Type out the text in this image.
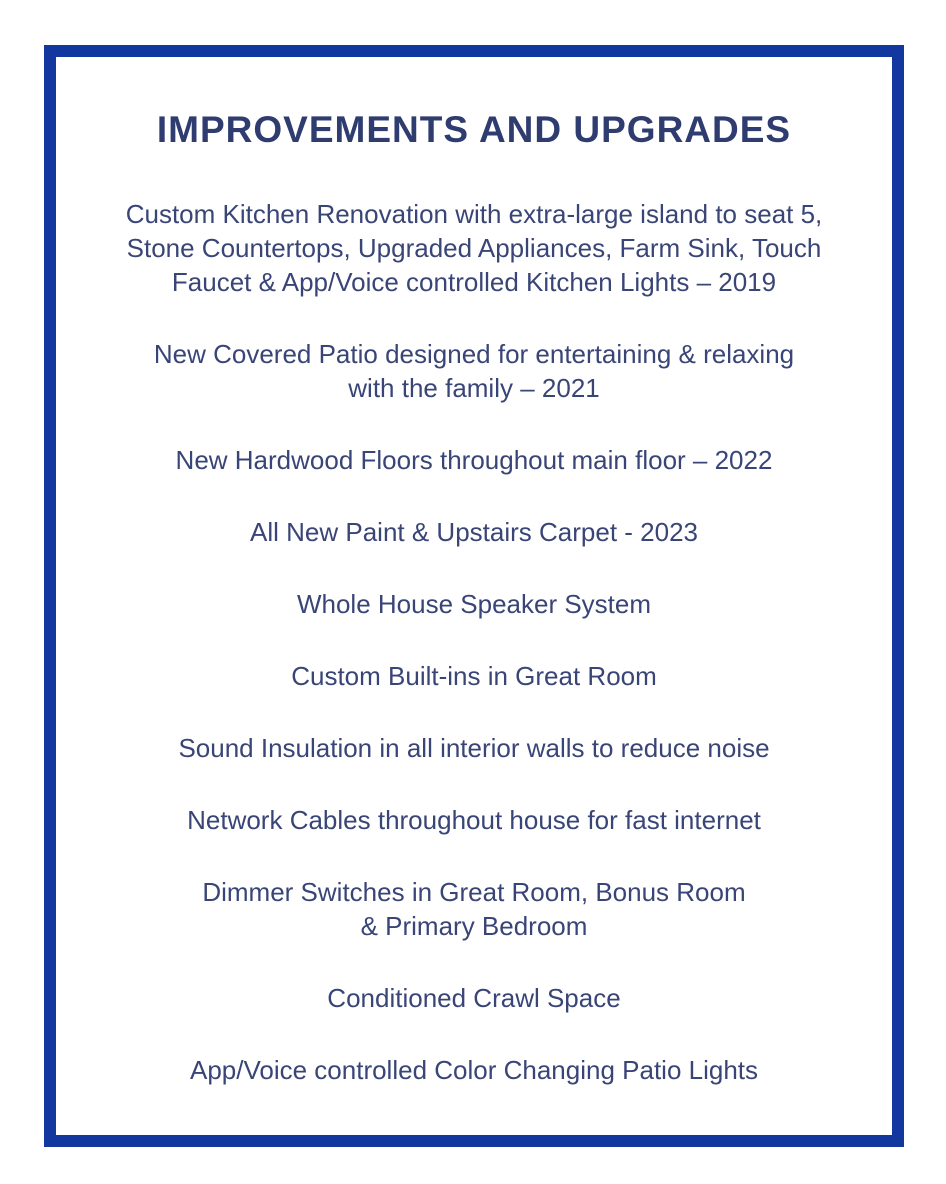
IMPROVEMENTS AND UPGRADES

Custom Kitchen Renovation with extra-large island to seat 5,
Stone Countertops, Upgraded Appliances, Farm Sink, Touch
Faucet & App/Voice controlled Kitchen Lights – 2019

New Covered Patio designed for entertaining & relaxing
with the family – 2021

New Hardwood Floors throughout main floor – 2022

All New Paint & Upstairs Carpet - 2023

Whole House Speaker System

Custom Built-ins in Great Room

Sound Insulation in all interior walls to reduce noise

Network Cables throughout house for fast internet

Dimmer Switches in Great Room, Bonus Room
& Primary Bedroom

Conditioned Crawl Space

App/Voice controlled Color Changing Patio Lights
